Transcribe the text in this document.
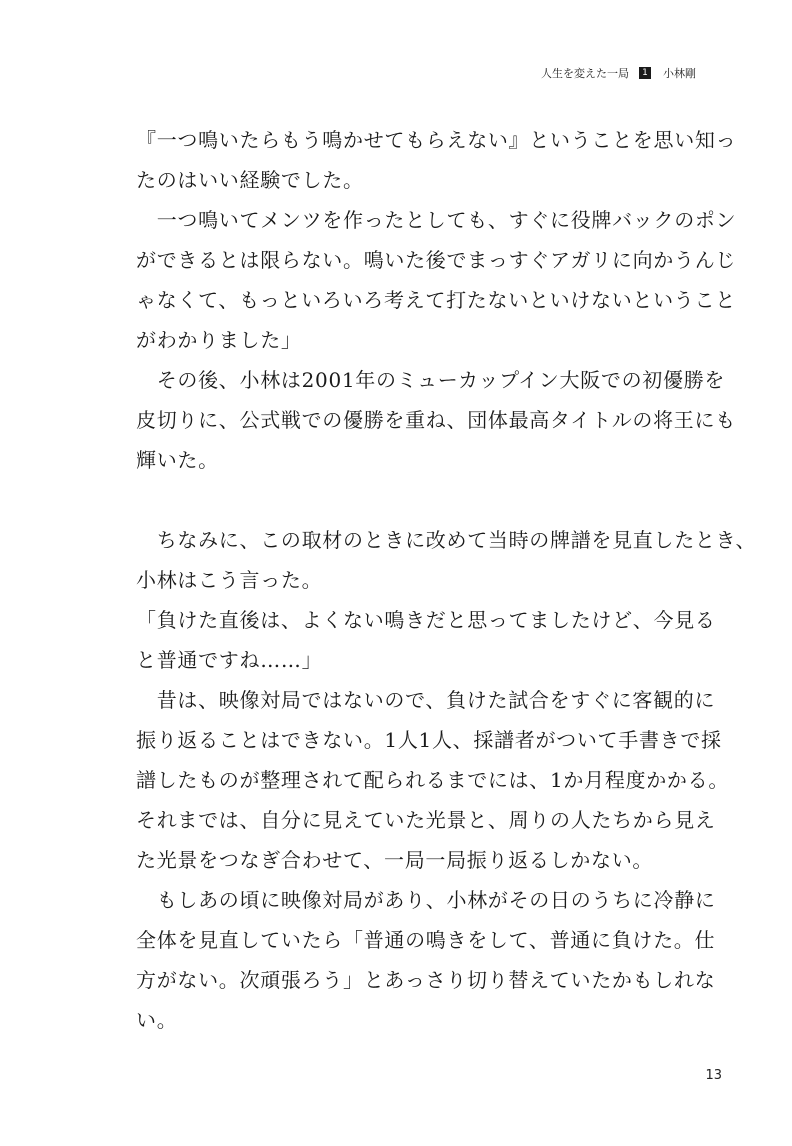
人生を変えた一局	1 小林剛
『一つ鳴いたらもう鳴かせてもらえない』ということを思い知っ
たのはいい経験でした。
　一つ鳴いてメンツを作ったとしても、すぐに役牌バックのポン
ができるとは限らない。鳴いた後でまっすぐアガリに向かうんじ
ゃなくて、もっといろいろ考えて打たないといけないということ
がわかりました」
　その後、小林は2001年のミューカップイン大阪での初優勝を
皮切りに、公式戦での優勝を重ね、団体最高タイトルの将王にも
輝いた。
　ちなみに、この取材のときに改めて当時の牌譜を見直したとき、
小林はこう言った。
「負けた直後は、よくない鳴きだと思ってましたけど、今見る
と普通ですね……」
　昔は、映像対局ではないので、負けた試合をすぐに客観的に
振り返ることはできない。1人1人、採譜者がついて手書きで採
譜したものが整理されて配られるまでには、1か月程度かかる。
それまでは、自分に見えていた光景と、周りの人たちから見え
た光景をつなぎ合わせて、一局一局振り返るしかない。
　もしあの頃に映像対局があり、小林がその日のうちに冷静に
全体を見直していたら「普通の鳴きをして、普通に負けた。仕
方がない。次頑張ろう」とあっさり切り替えていたかもしれな
い。
13
